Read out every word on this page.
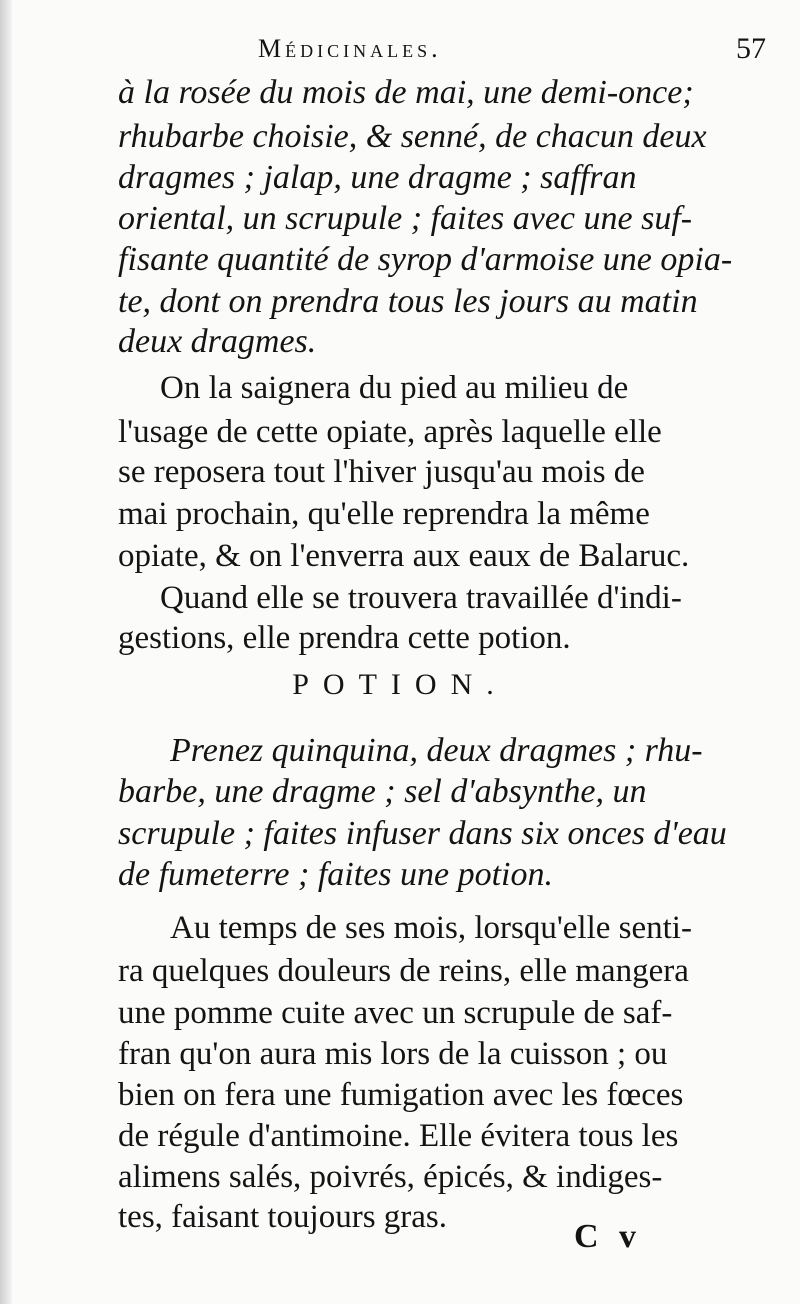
Médicinales.	57
à la rosée du mois de mai, une demi-once;
rhubarbe choisie, & senné, de chacun deux
dragmes ; jalap, une dragme ; saffran
oriental, un scrupule ; faites avec une suf-
fisante quantité de syrop d'armoise une opia-
te, dont on prendra tous les jours au matin
deux dragmes.
On la saignera du pied au milieu de
l'usage de cette opiate, après laquelle elle
se reposera tout l'hiver jusqu'au mois de
mai prochain, qu'elle reprendra la même
opiate, & on l'enverra aux eaux de Balaruc.
Quand elle se trouvera travaillée d'indi-
gestions, elle prendra cette potion.
POTION.
Prenez quinquina, deux dragmes ; rhu-
barbe, une dragme ; sel d'absynthe, un
scrupule ; faites infuser dans six onces d'eau
de fumeterre ; faites une potion.
Au temps de ses mois, lorsqu'elle senti-
ra quelques douleurs de reins, elle mangera
une pomme cuite avec un scrupule de saf-
fran qu'on aura mis lors de la cuisson ; ou
bien on fera une fumigation avec les fœces
de régule d'antimoine. Elle évitera tous les
alimens salés, poivrés, épicés, & indiges-
tes, faisant toujours gras.
C v
